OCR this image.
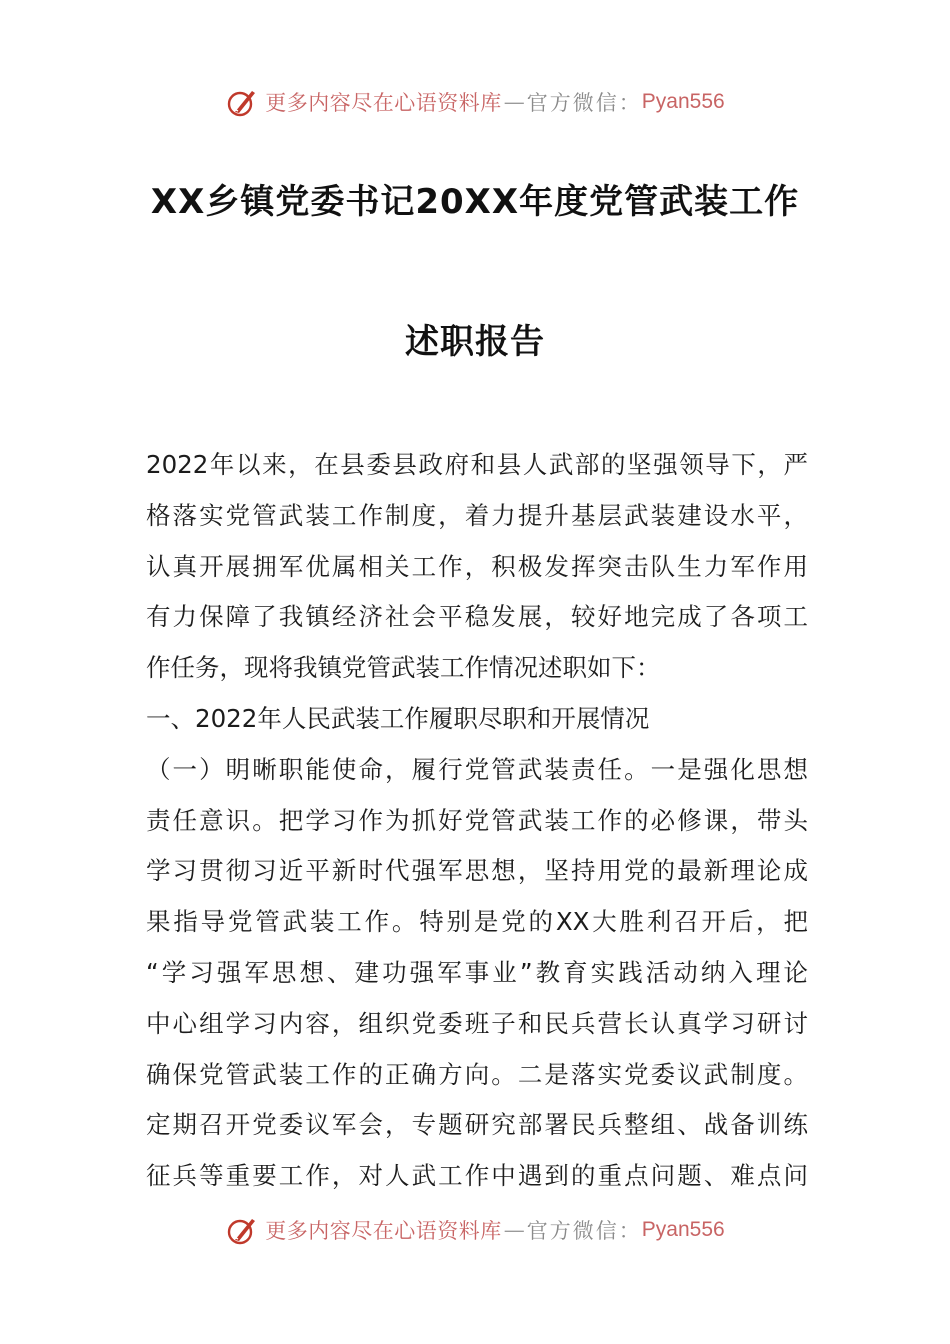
更多内容尽在心语资料库 — 官方微信： Pyan556
XX乡镇党委书记20XX年度党管武装工作
述职报告
2022年以来，在县委县政府和县人武部的坚强领导下，严
格落实党管武装工作制度，着力提升基层武装建设水平，
认真开展拥军优属相关工作，积极发挥突击队生力军作用
有力保障了我镇经济社会平稳发展，较好地完成了各项工
作任务，现将我镇党管武装工作情况述职如下：
一、2022年人民武装工作履职尽职和开展情况
（一）明晰职能使命，履行党管武装责任。一是强化思想
责任意识。把学习作为抓好党管武装工作的必修课，带头
学习贯彻习近平新时代强军思想，坚持用党的最新理论成
果指导党管武装工作。特别是党的XX大胜利召开后，把
“学习强军思想、建功强军事业”教育实践活动纳入理论
中心组学习内容，组织党委班子和民兵营长认真学习研讨
确保党管武装工作的正确方向。二是落实党委议武制度。
定期召开党委议军会，专题研究部署民兵整组、战备训练
征兵等重要工作，对人武工作中遇到的重点问题、难点问
更多内容尽在心语资料库 — 官方微信： Pyan556
